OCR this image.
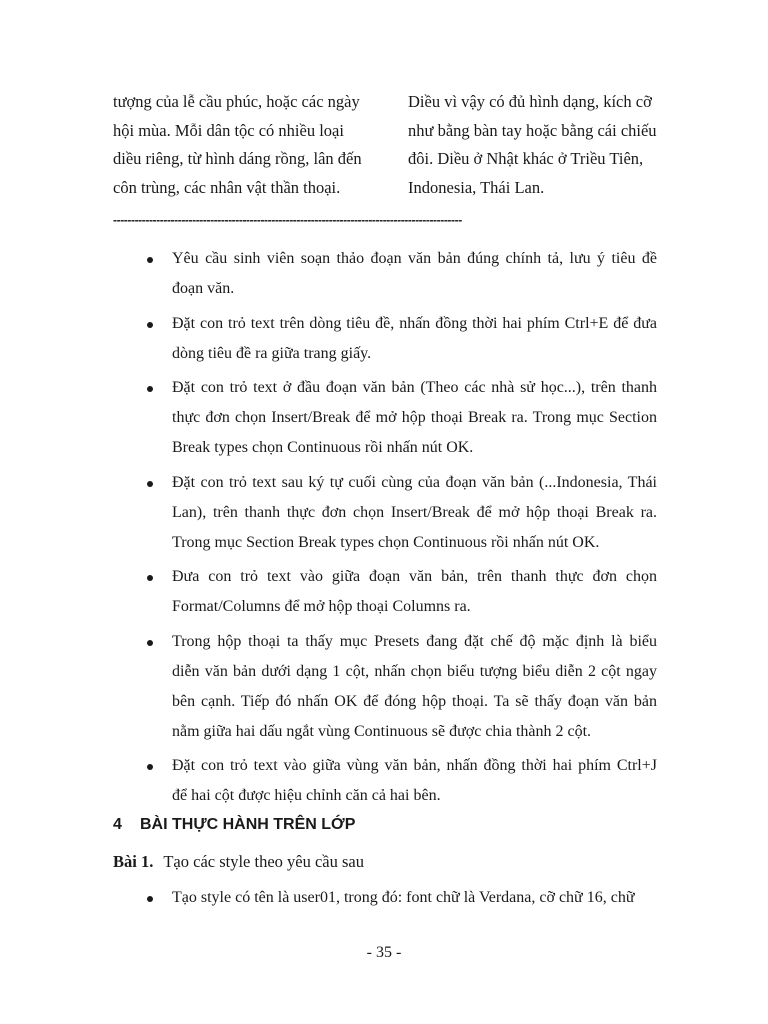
tượng của lễ cầu phúc, hoặc các ngày
hội mùa. Mỗi dân tộc có nhiều loại
diều riêng, từ hình dáng rồng, lân đến
côn trùng, các nhân vật thần thoại.
Diều vì vậy có đủ hình dạng, kích cỡ
như bằng bàn tay hoặc bằng cái chiếu
đôi. Diều ở Nhật khác ở Triều Tiên,
Indonesia, Thái Lan.
-------------------------------------------------------------------------------------------------
Yêu cầu sinh viên soạn thảo đoạn văn bản đúng chính tả, lưu ý tiêu đề
đoạn văn.
Đặt con trỏ text trên dòng tiêu đề, nhấn đồng thời hai phím Ctrl+E để đưa
dòng tiêu đề ra giữa trang giấy.
Đặt con trỏ text ở đầu đoạn văn bản (Theo các nhà sử học...), trên thanh
thực đơn chọn Insert/Break để mở hộp thoại Break ra. Trong mục Section
Break types chọn Continuous rồi nhấn nút OK.
Đặt con trỏ text sau ký tự cuối cùng của đoạn văn bản (...Indonesia, Thái
Lan), trên thanh thực đơn chọn Insert/Break để mở hộp thoại Break ra.
Trong mục Section Break types chọn Continuous rồi nhấn nút OK.
Đưa con trỏ text vào giữa đoạn văn bản, trên thanh thực đơn chọn
Format/Columns để mở hộp thoại Columns ra.
Trong hộp thoại ta thấy mục Presets đang đặt chế độ mặc định là biểu
diễn văn bản dưới dạng 1 cột, nhấn chọn biểu tượng biểu diễn 2 cột ngay
bên cạnh. Tiếp đó nhấn OK để đóng hộp thoại. Ta sẽ thấy đoạn văn bản
nằm giữa hai dấu ngắt vùng Continuous sẽ được chia thành 2 cột.
Đặt con trỏ text vào giữa vùng văn bản, nhấn đồng thời hai phím Ctrl+J
để hai cột được hiệu chỉnh căn cả hai bên.
4 BÀI THỰC HÀNH TRÊN LỚP
Bài 1. Tạo các style theo yêu cầu sau
Tạo style có tên là user01, trong đó: font chữ là Verdana, cỡ chữ 16, chữ
- 35 -
